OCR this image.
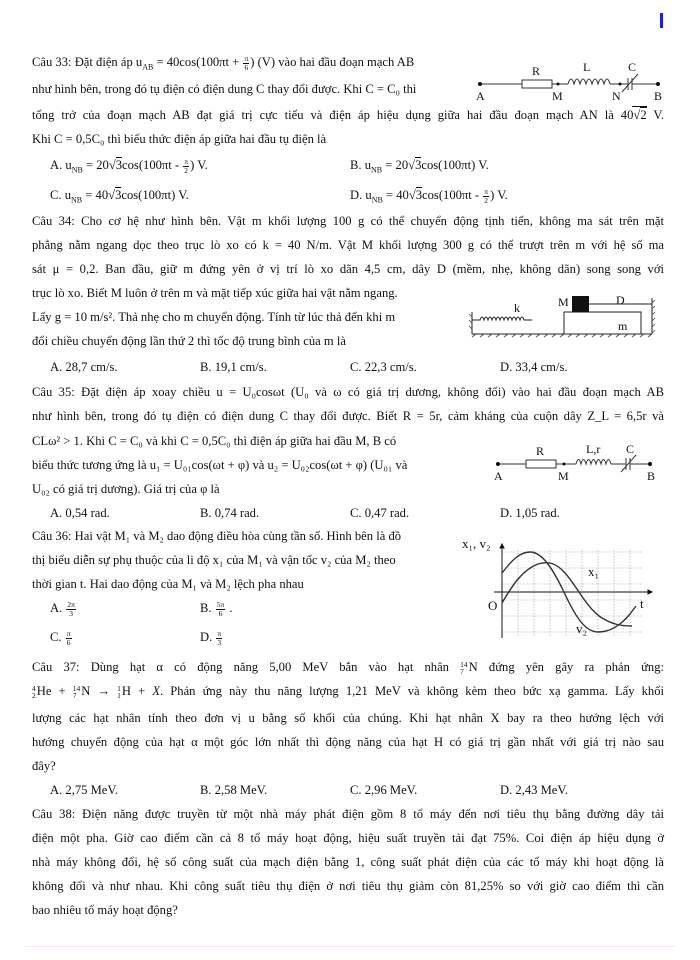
Câu 33: Đặt điện áp $u_{AB} = 40\cos(100\pi t + \frac{\pi}{6}$ ) (V) vào hai đầu đoạn mạch AB
như hình bên, trong đó tụ điện có điện dung C thay đổi được. Khi C = C₀ thì
tổng trở của đoạn mạch AB đạt giá trị cực tiểu và điện áp hiệu dụng giữa hai đầu đoạn mạch AN là 40√2 V.
Khi C = 0,5C₀ thì biểu thức điện áp giữa hai đầu tụ điện là
A. $u_{NB} = 20√3\cos(100\pi t - \frac{\pi}{2}$ ) V.	B. $u_{NB} = 20√3\cos(100\pi t)$ V.
C. $u_{NB} = 40√3\cos(100\pi t)$ V.	D. $u_{NB} = 40√3\cos(100\pi t - \frac{\pi}{2}$ ) V.
R	L	C
A	M	N	B
Câu 34: Cho cơ hệ như hình bên. Vật m khối lượng 100 g có thể chuyển động tịnh tiến, không ma sát trên mặt
phẳng nằm ngang dọc theo trục lò xo có k = 40 N/m. Vật M khối lượng 300 g có thể trượt trên m với hệ số ma
sát μ = 0,2. Ban đầu, giữ m đứng yên ở vị trí lò xo dãn 4,5 cm, dây D (mềm, nhẹ, không dãn) song song với
trục lò xo. Biết M luôn ở trên m và mặt tiếp xúc giữa hai vật nằm ngang.
Lấy g = 10 m/s². Thả nhẹ cho m chuyển động. Tính từ lúc thả đến khi m
đổi chiều chuyển động lần thứ 2 thì tốc độ trung bình của m là
A. 28,7 cm/s.	B. 19,1 cm/s.	C. 22,3 cm/s.	D. 33,4 cm/s.
k	M	D
m
Câu 35: Đặt điện áp xoay chiều u = U₀cosωt (U₀ và ω có giá trị dương, không đổi) vào hai đầu đoạn mạch AB
như hình bên, trong đó tụ điện có điện dung C thay đổi được. Biết R = 5r, cảm kháng của cuộn dây Z_L = 6,5r và
CLω² > 1. Khi C = C₀ và khi C = 0,5C₀ thì điện áp giữa hai đầu M, B có
biểu thức tương ứng là u₁ = U₀₁cos(ωt + φ) và u₂ = U₀₂cos(ωt + φ) (U₀₁ và
U₀₂ có giá trị dương). Giá trị của φ là
A. 0,54 rad.	B. 0,74 rad.	C. 0,47 rad.	D. 1,05 rad.
R	L,r C
A	M	B
Câu 36: Hai vật M₁ và M₂ dao động điều hòa cùng tần số. Hình bên là đồ
thị biểu diễn sự phụ thuộc của li độ x₁ của M₁ và vận tốc v₂ của M₂ theo
thời gian t. Hai dao động của M₁ và M₂ lệch pha nhau
A. $\frac{2\pi}{3}$	B. $\frac{5\pi}{6}$ .
C. $\frac{\pi}{6}$	D. $\frac{\pi}{3}$
x₁, v₂
t
O
x₁
v₂
Câu 37: Dùng hạt α có động năng 5,00 MeV bắn vào hạt nhân 14
7 N đứng yên gây ra phản ứng:
4
2 He + 14
7 N → 1
1 H + X. Phản ứng này thu năng lượng 1,21 MeV và không kèm theo bức xạ gamma. Lấy khối
lượng các hạt nhân tính theo đơn vị u bằng số khối của chúng. Khi hạt nhân X bay ra theo hướng lệch với
hướng chuyển động của hạt α một góc lớn nhất thì động năng của hạt H có giá trị gần nhất với giá trị nào sau
đây?
A. 2,75 MeV.	B. 2,58 MeV.	C. 2,96 MeV.	D. 2,43 MeV.
Câu 38: Điện năng được truyền từ một nhà máy phát điện gồm 8 tổ máy đến nơi tiêu thụ bằng đường dây tải
điện một pha. Giờ cao điểm cần cả 8 tổ máy hoạt động, hiệu suất truyền tải đạt 75%. Coi điện áp hiệu dụng ở
nhà máy không đổi, hệ số công suất của mạch điện bằng 1, công suất phát điện của các tổ máy khi hoạt động là
không đổi và như nhau. Khi công suất tiêu thụ điện ở nơi tiêu thụ giảm còn 81,25% so với giờ cao điểm thì cần
bao nhiêu tổ máy hoạt động?
